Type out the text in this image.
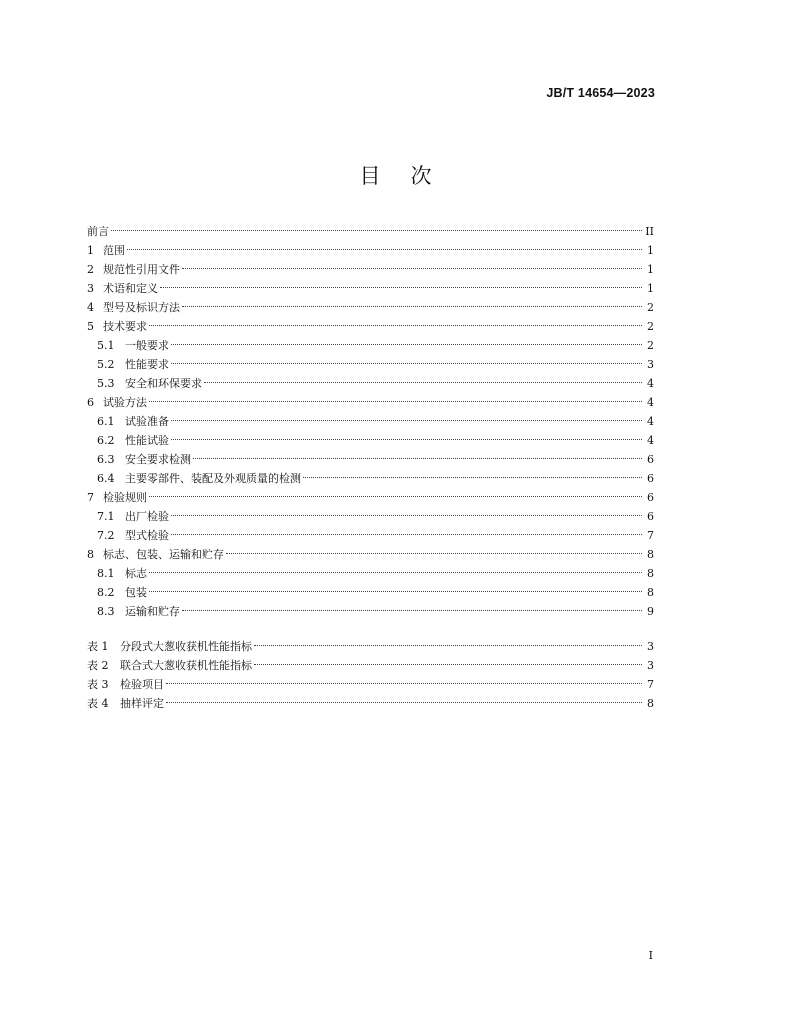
JB/T 14654—2023
目次
前言	II
1 范围	1
2 规范性引用文件	1
3 术语和定义	1
4 型号及标识方法	2
5 技术要求	2
5.1 一般要求	2
5.2 性能要求	3
5.3 安全和环保要求	4
6 试验方法	4
6.1 试验准备	4
6.2 性能试验	4
6.3 安全要求检测	6
6.4 主要零部件、装配及外观质量的检测	6
7 检验规则	6
7.1 出厂检验	6
7.2 型式检验	7
8 标志、包装、运输和贮存	8
8.1 标志	8
8.2 包装	8
8.3 运输和贮存	9
表 1	分段式大葱收获机性能指标	3
表 2	联合式大葱收获机性能指标	3
表 3	检验项目	7
表 4	抽样评定	8
I
